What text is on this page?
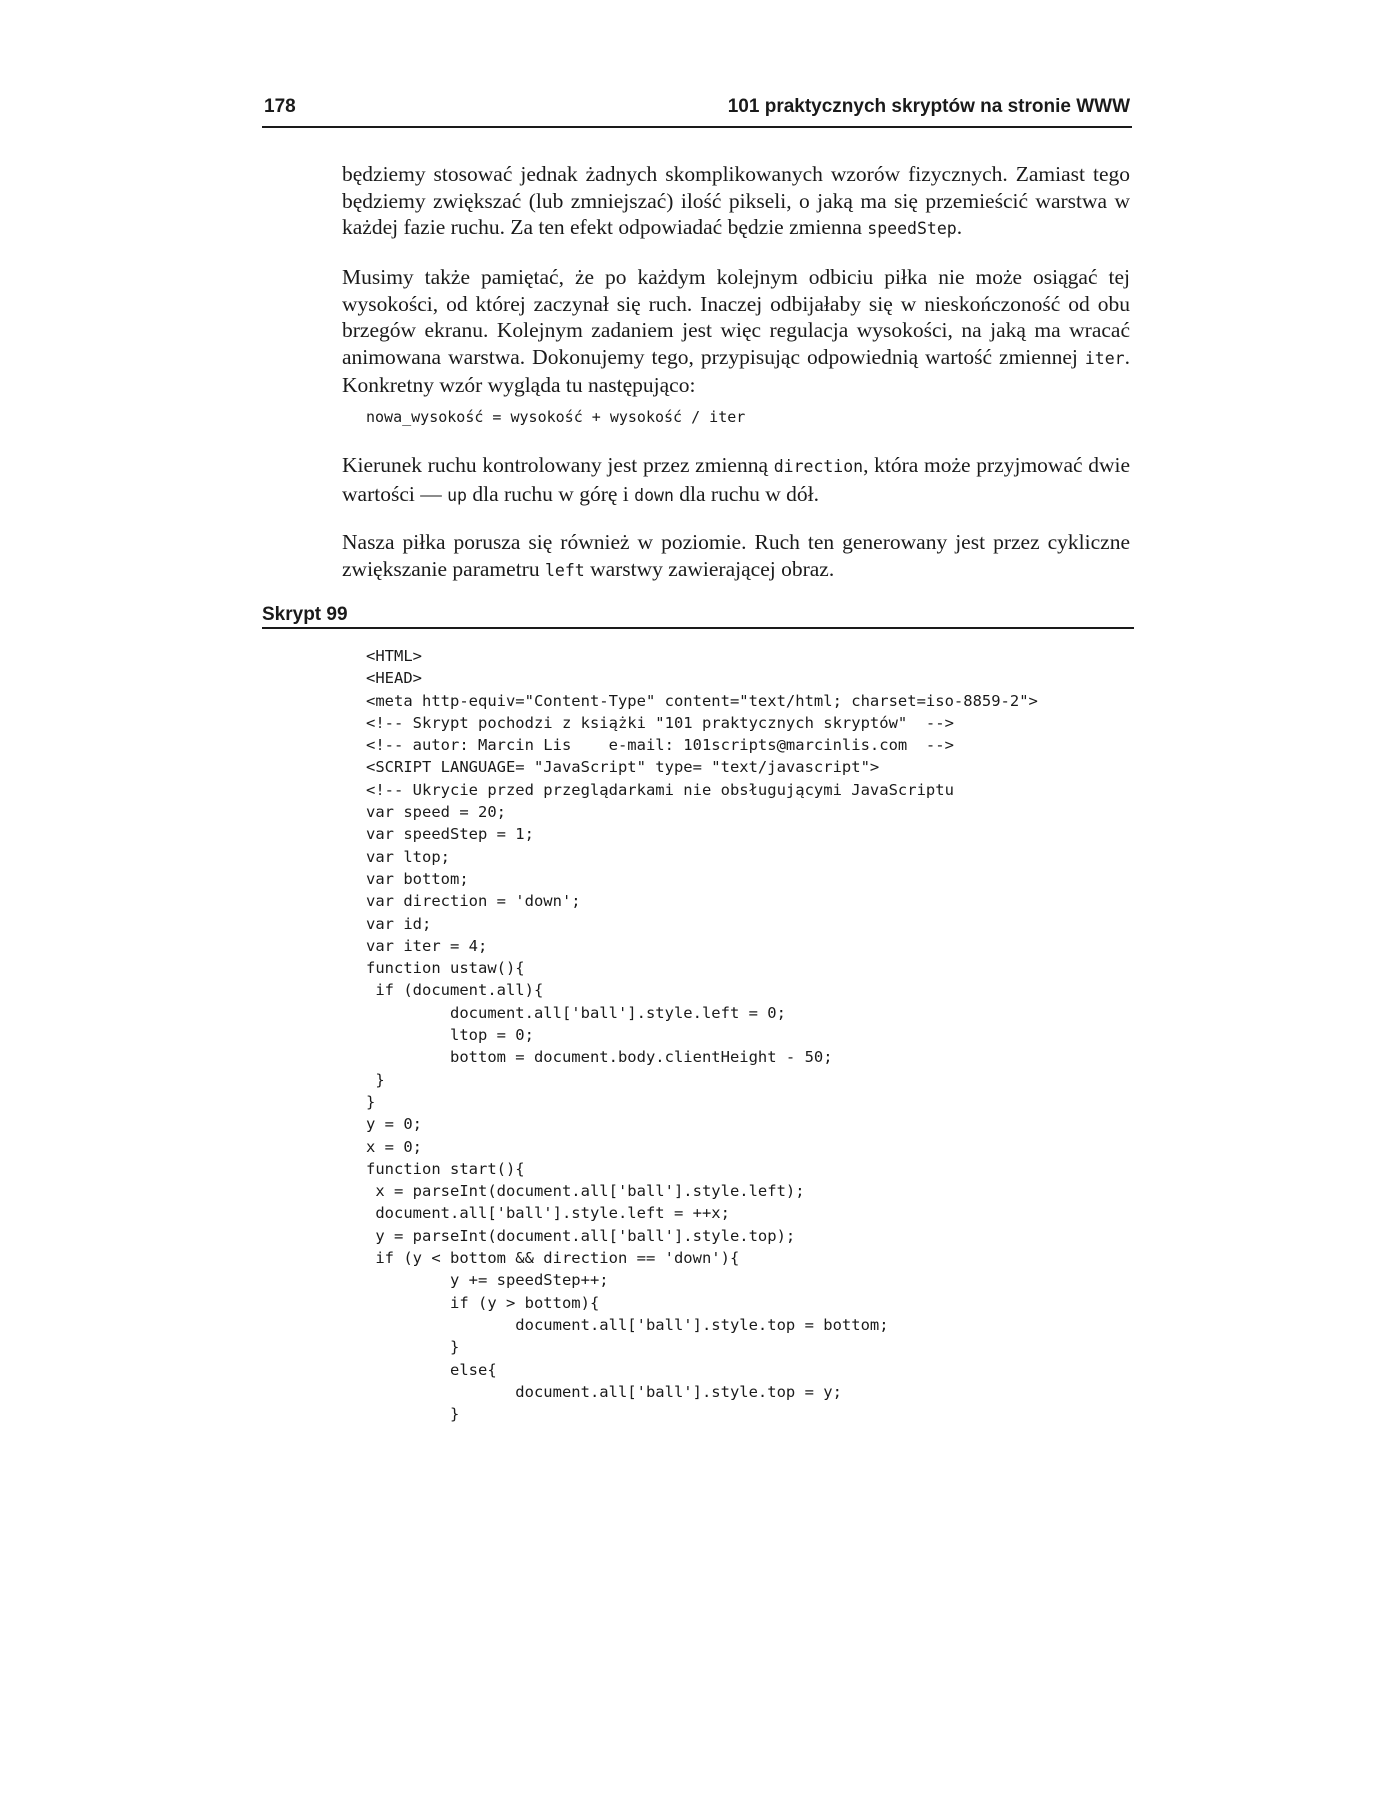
178	101 praktycznych skryptów na stronie WWW

będziemy stosować jednak żadnych skomplikowanych wzorów fizycznych. Zamiast tego będziemy zwiększać (lub zmniejszać) ilość pikseli, o jaką ma się przemieścić warstwa w każdej fazie ruchu. Za ten efekt odpowiadać będzie zmienna speedStep.

Musimy także pamiętać, że po każdym kolejnym odbiciu piłka nie może osiągać tej wysokości, od której zaczynał się ruch. Inaczej odbijałaby się w nieskończoność od obu brzegów ekranu. Kolejnym zadaniem jest więc regulacja wysokości, na jaką ma wracać animowana warstwa. Dokonujemy tego, przypisując odpowiednią wartość zmiennej iter. Konkretny wzór wygląda tu następująco:

nowa_wysokość = wysokość + wysokość / iter

Kierunek ruchu kontrolowany jest przez zmienną direction, która może przyjmować dwie wartości — up dla ruchu w górę i down dla ruchu w dół.

Nasza piłka porusza się również w poziomie. Ruch ten generowany jest przez cykliczne zwiększanie parametru left warstwy zawierającej obraz.

Skrypt 99
<HTML>
<HEAD>
<meta http-equiv="Content-Type" content="text/html; charset=iso-8859-2">
<!-- Skrypt pochodzi z książki "101 praktycznych skryptów"  -->
<!-- autor: Marcin Lis    e-mail: 101scripts@marcinlis.com  -->
<SCRIPT LANGUAGE= "JavaScript" type= "text/javascript">
<!-- Ukrycie przed przeglądarkami nie obsługującymi JavaScriptu
var speed = 20;
var speedStep = 1;
var ltop;
var bottom;
var direction = 'down';
var id;
var iter = 4;
function ustaw(){
if (document.all){
document.all['ball'].style.left = 0;
ltop = 0;
bottom = document.body.clientHeight - 50;
}
}
y = 0;
x = 0;
function start(){
x = parseInt(document.all['ball'].style.left);
document.all['ball'].style.left = ++x;
y = parseInt(document.all['ball'].style.top);
if (y < bottom && direction == 'down'){
y += speedStep++;
if (y > bottom){
document.all['ball'].style.top = bottom;
}
else{
document.all['ball'].style.top = y;
}
